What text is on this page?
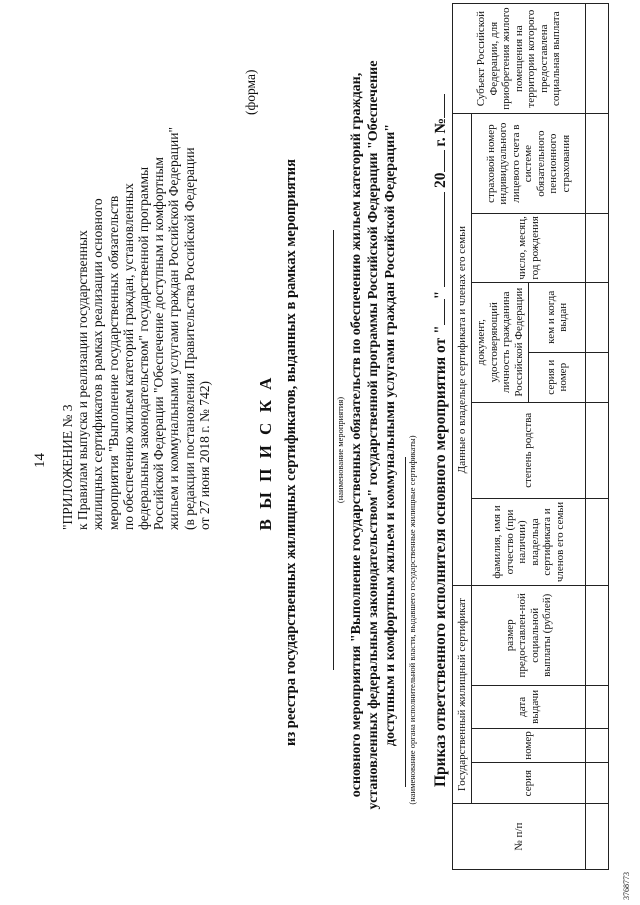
14 "ПРИЛОЖЕНИЕ № 3 к Правилам выпуска и реализации государственных жилищных сертификатов в рамках реализации основного мероприятия "Выполнение государственных обязательств по обеспечению жильем категорий граждан, установленных федеральным законодательством" государственной программы Российской Федерации "Обеспечение доступным и комфортным жильем и коммунальными услугами граждан Российской Федерации" (в редакции постановления Правительства Российской Федерации от 27 июня 2018 г. № 742)
(форма)
В Ы П И С К А из реестра государственных жилищных сертификатов, выданных в рамках мероприятия	(наименование мероприятия) основного мероприятия "Выполнение государственных обязательств по обеспечению жильем категорий граждан, установленных федеральным законодательством" государственной программы Российской Федерации "Обеспечение доступным и комфортным жильем и коммунальными услугами граждан Российской Федерации" (наименование органа исполнительной власти, выдавшего государственные жилищные сертификаты) Приказ ответственного исполнителя основного мероприятия от ""  20 г. №
№ п/п	Государственный жилищный сертификат				Данные о владельце сертификата и членах его семьи						Субъект Российской Федерации, для приобретения жилого помещения на территории которого предоставлена социальная выплата
	серия	номер	дата выдачи	размер предоставлен-ной социальной выплаты (рублей)	фамилия, имя и отчество (при наличии) владельца сертификата и членов его семьи	степень родства	документ, удостоверяющий личность гражданина Российской Федерации		число, месяц, год рождения	страховой номер индивидуального лицевого счета в системе обязательного пенсионного страхования	
							серия и номер	кем и когда выдан			

3768773
